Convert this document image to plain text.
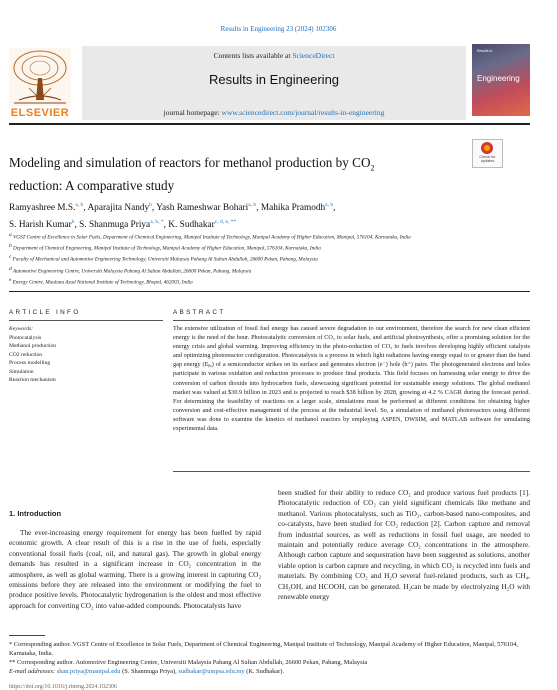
Results in Engineering 23 (2024) 102306
ELSEVIER
Contents lists available at ScienceDirect
Results in Engineering
journal homepage: www.sciencedirect.com/journal/results-in-engineering
Results in
Engineering
Modeling and simulation of reactors for methanol production by $CO_2$
reduction: A comparative study
Check for updates
Ramyashree M.S.$^{a, b}$, Aparajita Nandy$^b$, Yash Rameshwar Bohari$^{a, b}$, Mahika Pramodh$^{a, b}$,
S. Harish Kumar$^b$, S. Shanmuga Priya$^{a, b, *}$, K. Sudhakar$^{c, d, e, **}$
$^a$ VGST Centre of Excellence in Solar Fuels, Department of Chemical Engineering, Manipal Institute of Technology, Manipal Academy of Higher Education, Manipal, 576104, Karnataka, India
$^b$ Department of Chemical Engineering, Manipal Institute of Technology, Manipal Academy of Higher Education, Manipal, 576104, Karnataka, India
$^c$ Faculty of Mechanical and Automotive Engineering Technology, Universiti Malaysia Pahang Al Sultan Abdullah, 26600 Pekan, Pahang, Malaysia
$^d$ Automotive Engineering Centre, Universiti Malaysia Pahang Al Sultan Abdullah, 26600 Pekan, Pahang, Malaysia
$^e$ Energy Centre, Maulana Azad National Institute of Technology, Bhopal, 462003, India
ARTICLE INFO	ABSTRACT
Keywords:
Photocatalysis
Methanol production
CO2 reduction
Process modelling
Simulation
Reaction mechanism
The extensive utilization of fossil fuel energy has caused severe degradation to our environment, therefore the search for new clean efficient energy is the need of the hour. Photocatalytic conversion of CO₂ to solar fuels, and artificial photosynthesis, offer a promising solution for the energy crisis and global warming. Improving efficiency in the photo-reduction of CO₂ to fuels involves developing highly efficient catalysts and optimizing photoreactor configuration. Photocatalysis is a process in which light radiations having energy equal to or greater than the band gap energy (Eᵦᵧ) of a semiconductor strikes on its surface and generates electron (e⁻) hole (h⁺) pairs. The photogenerated electrons and holes participate in various oxidation and reduction processes to produce final products. This field focuses on harnessing solar energy to drive the conversion of carbon dioxide into hydrocarbon fuels, showcasing significant potential for sustainable energy solutions. The global methanol market was valued at $30.9 billion in 2023 and is projected to reach $38 billion by 2028, growing at 4.2 % CAGR during the forecast period. For determining the feasibility of reactions on a larger scale, simulations must be performed at different conditions for obtaining higher conversion and cost-effective management of the process at the industrial level. So, a simulation of methanol photoreactors using different software was done to examine the kinetics of methanol reactors by employing ASPEN, DWSIM, and MATLAB software for simulating experimental data.
1. Introduction
The ever-increasing energy requirement for energy has been fuelled by rapid economic growth. A clear result of this is a rise in the use of fuels, especially conventional fossil fuels (coal, oil, and natural gas). The growth in global energy demands has resulted in a significant increase in CO₂ concentration in the atmosphere, as well as global warming. There is a growing interest in capturing CO₂ emissions before they are released into the environment or modifying the fuel to produce positive levels. Photocatalytic hydrogenation is the oldest and most effective approach for converting CO₂ into value-added compounds. Photocatalysts have
been studied for their ability to reduce CO₂ and produce various fuel products [1]. Photocatalytic reduction of CO₂ can yield significant chemicals like methane and methanol. Various photocatalysts, such as TiO₂, carbon-based nano-composites, and co-catalysts, have been studied for CO₂ reduction [2]. Carbon capture and removal from industrial sources, as well as reductions in fossil fuel usage, are needed to maintain and potentially reduce average CO₂ concentrations in the atmosphere. Although carbon capture and sequestration have been suggested as solutions, another viable option is carbon capture and recycling, in which CO₂ is recycled into fuels and materials. By combining CO₂ and H₂O several fuel-related products, such as CH₄, CH₃OH, and HCOOH, can be generated. H₂can be made by electrolyzing H₂O with renewable energy
* Corresponding author. VGST Centre of Excellence in Solar Fuels, Department of Chemical Engineering, Manipal Institute of Technology, Manipal Academy of Higher Education, Manipal, 576104, Karnataka, India.
** Corresponding author. Automotive Engineering Centre, Universiti Malaysia Pahang Al Sultan Abdullah, 26600 Pekan, Pahang, Malaysia
E-mail addresses: shan.priya@manipal.edu (S. Shanmuga Priya), sudhakar@umpsa.edu.my (K. Sudhakar).
https://doi.org/10.1016/j.rineng.2024.102306
